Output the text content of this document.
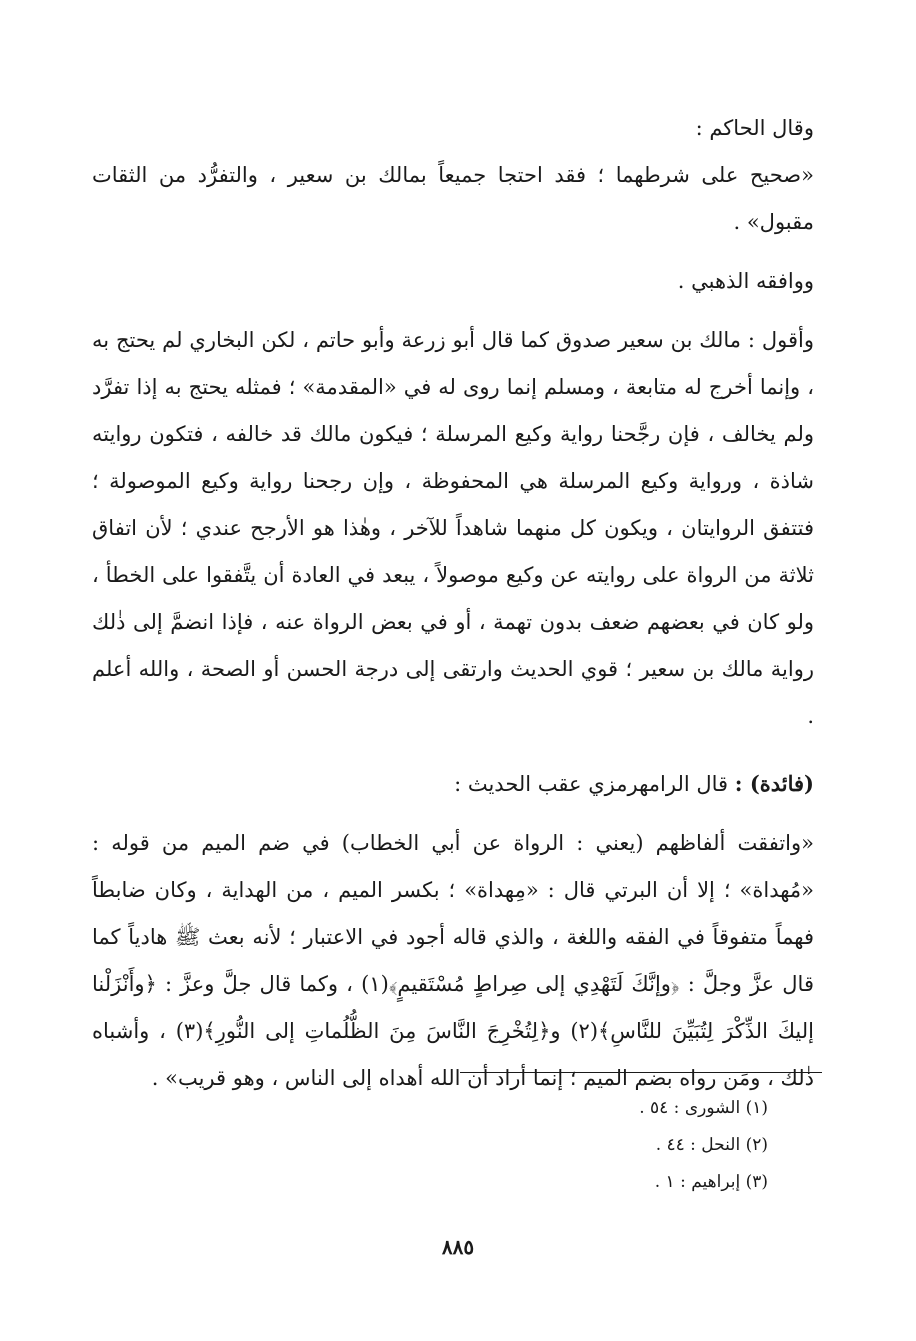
وقال الحاكم :

«صحيح على شرطهما ؛ فقد احتجا جميعاً بمالك بن سعير ، والتفرُّد من الثقات مقبول» .

ووافقه الذهبي .

وأقول : مالك بن سعير صدوق كما قال أبو زرعة وأبو حاتم ، لكن البخاري لم يحتج به ، وإنما أخرج له متابعة ، ومسلم إنما روى له في «المقدمة» ؛ فمثله يحتج به إذا تفرَّد ولم يخالف ، فإن رجَّحنا رواية وكيع المرسلة ؛ فيكون مالك قد خالفه ، فتكون روايته شاذة ، ورواية وكيع المرسلة هي المحفوظة ، وإن رجحنا رواية وكيع الموصولة ؛ فتتفق الروايتان ، ويكون كل منهما شاهداً للآخر ، وهٰذا هو الأرجح عندي ؛ لأن اتفاق ثلاثة من الرواة على روايته عن وكيع موصولاً ، يبعد في العادة أن يتَّفقوا على الخطأ ، ولو كان في بعضهم ضعف بدون تهمة ، أو في بعض الرواة عنه ، فإذا انضمَّ إلى ذٰلك رواية مالك بن سعير ؛ قوي الحديث وارتقى إلى درجة الحسن أو الصحة ، والله أعلم .

(فائدة) : قال الرامهرمزي عقب الحديث :

«واتفقت ألفاظهم (يعني : الرواة عن أبي الخطاب) في ضم الميم من قوله : «مُهداة» ؛ إلا أن البرتي قال : «مِهداة» ؛ بكسر الميم ، من الهداية ، وكان ضابطاً فهماً متفوقاً في الفقه واللغة ، والذي قاله أجود في الاعتبار ؛ لأنه بعث ﷺ هادياً كما قال عزَّ وجلَّ : ﴿وإنَّكَ لَتَهْدِي إلى صِراطٍ مُسْتَقيمٍ﴾(١) ، وكما قال جلَّ وعزَّ : ﴿وأَنْزَلْنا إليكَ الذِّكْرَ لِتُبَيِّنَ للنَّاسِ﴾(٢) و﴿لِتُخْرِجَ النَّاسَ مِنَ الظُّلُماتِ إلى النُّورِ﴾(٣) ، وأشباه ذٰلك ، ومَن رواه بضم الميم ؛ إنما أراد أن الله أهداه إلى الناس ، وهو قريب» .

(١) الشورى : ٥٤ .

(٢) النحل : ٤٤ .

(٣) إبراهيم : ١ .

٨٨٥
